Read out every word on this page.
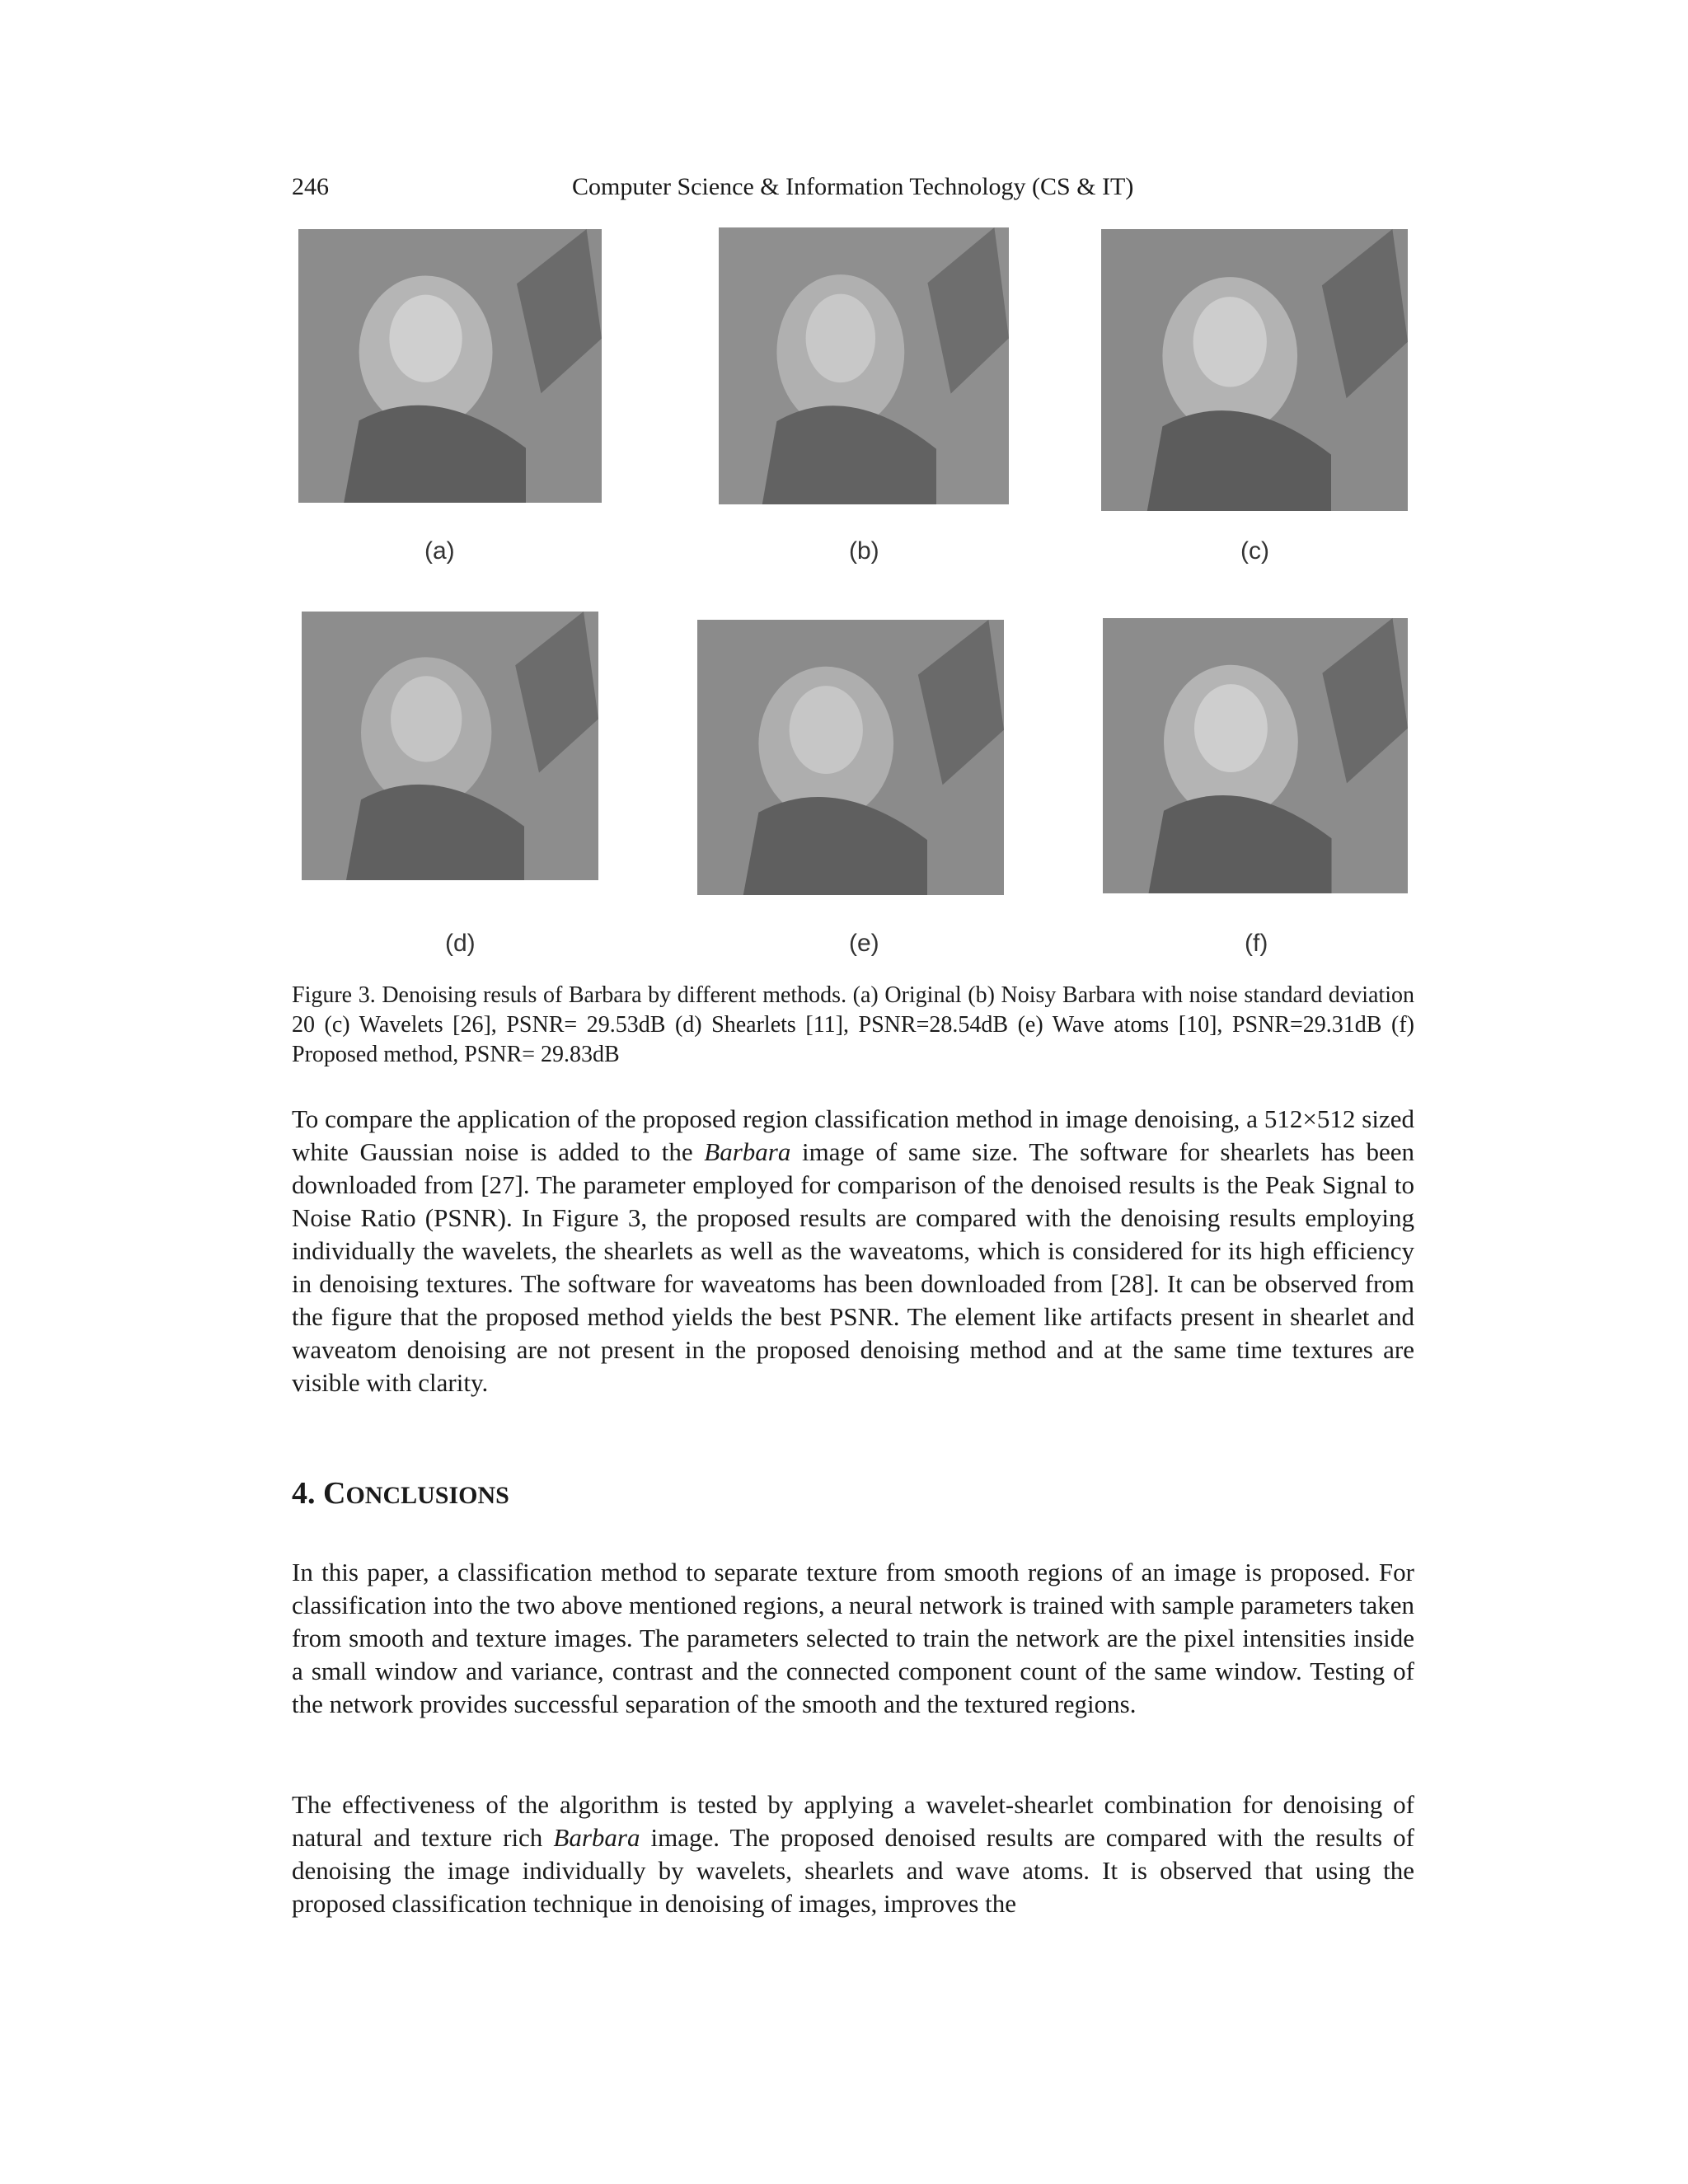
246	Computer Science & Information Technology (CS & IT)
(a)	(b)	(c)
(d)	(e)	(f)

Figure 3. Denoising resuls of Barbara by different methods. (a) Original (b) Noisy Barbara with noise standard deviation 20 (c) Wavelets [26], PSNR= 29.53dB (d) Shearlets [11], PSNR=28.54dB (e) Wave atoms [10], PSNR=29.31dB (f) Proposed method, PSNR= 29.83dB

To compare the application of the proposed region classification method in image denoising, a 512×512 sized white Gaussian noise is added to the Barbara image of same size. The software for shearlets has been downloaded from [27]. The parameter employed for comparison of the denoised results is the Peak Signal to Noise Ratio (PSNR). In Figure 3, the proposed results are compared with the denoising results employing individually the wavelets, the shearlets as well as the waveatoms, which is considered for its high efficiency in denoising textures. The software for waveatoms has been downloaded from [28]. It can be observed from the figure that the proposed method yields the best PSNR. The element like artifacts present in shearlet and waveatom denoising are not present in the proposed denoising method and at the same time textures are visible with clarity.

4. CONCLUSIONS

In this paper, a classification method to separate texture from smooth regions of an image is proposed. For classification into the two above mentioned regions, a neural network is trained with sample parameters taken from smooth and texture images. The parameters selected to train the network are the pixel intensities inside a small window and variance, contrast and the connected component count of the same window. Testing of the network provides successful separation of the smooth and the textured regions.

The effectiveness of the algorithm is tested by applying a wavelet-shearlet combination for denoising of natural and texture rich Barbara image. The proposed denoised results are compared with the results of denoising the image individually by wavelets, shearlets and wave atoms. It is observed that using the proposed classification technique in denoising of images, improves the
